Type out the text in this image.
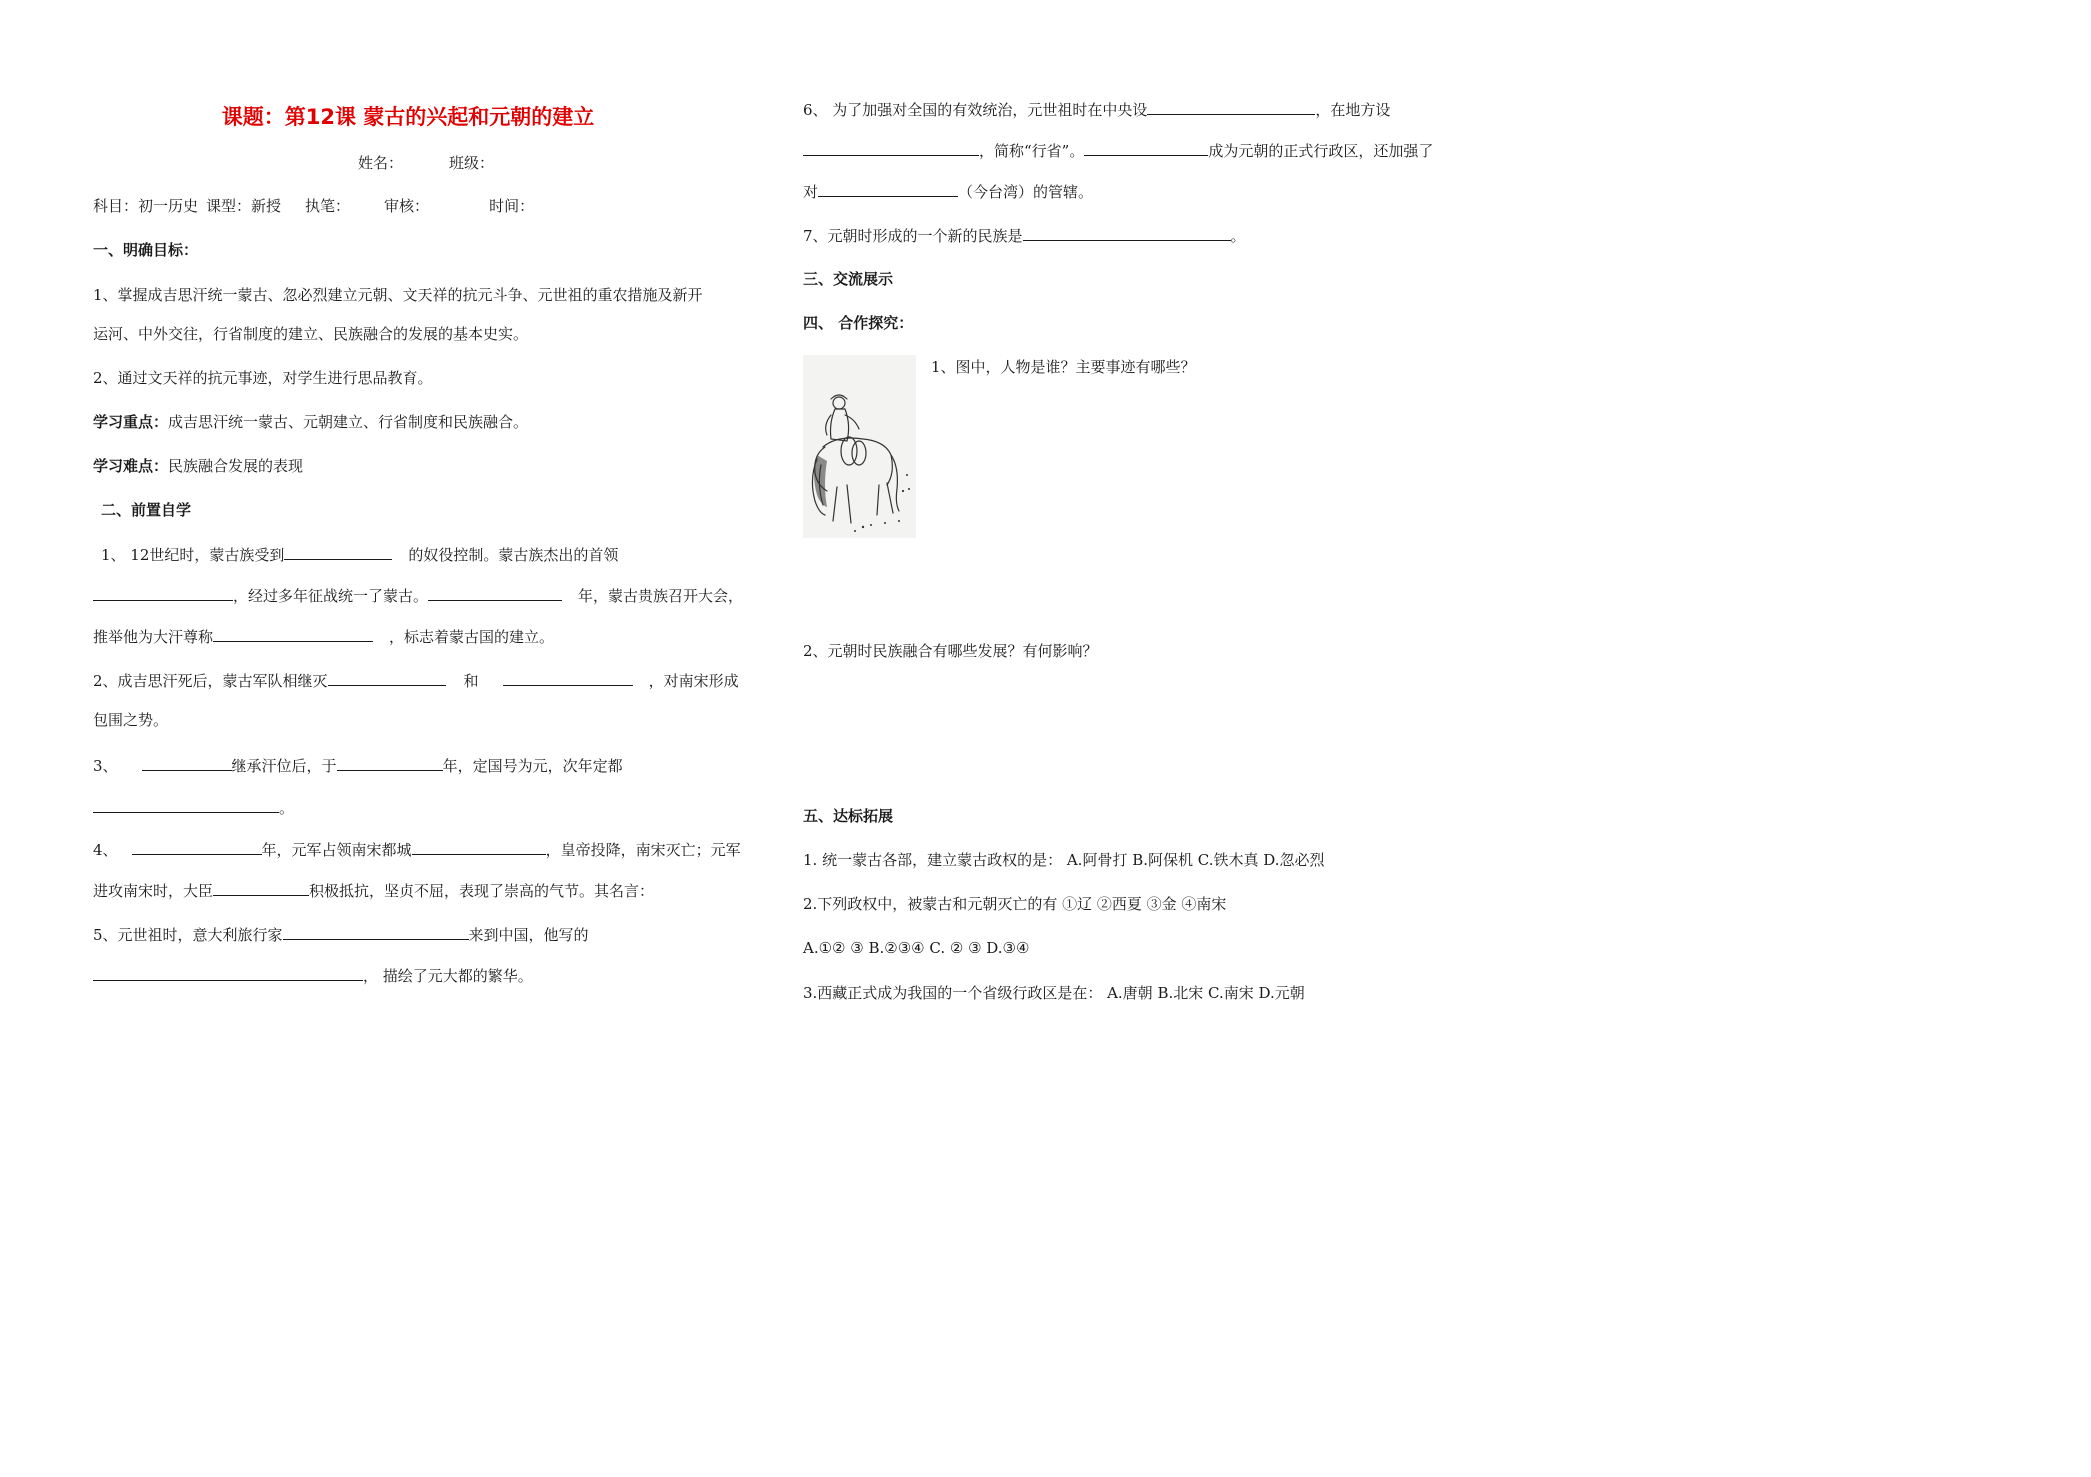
课题：第12课 蒙古的兴起和元朝的建立
姓名：	班级：
科目：初一历史 课型：新授 执笔： 审核：	时间：
一、明确目标：
1、掌握成吉思汗统一蒙古、忽必烈建立元朝、文天祥的抗元斗争、元世祖的重农措施及新开
运河、中外交往，行省制度的建立、民族融合的发展的基本史实。
2、通过文天祥的抗元事迹，对学生进行思品教育。
学习重点：成吉思汗统一蒙古、元朝建立、行省制度和民族融合。
学习难点：民族融合发展的表现
二、前置自学
1、 12世纪时，蒙古族受到	的奴役控制。蒙古族杰出的首领
，经过多年征战统一了蒙古。	年，蒙古贵族召开大会，
推举他为大汗尊称	，标志着蒙古国的建立。
2、成吉思汗死后，蒙古军队相继灭	和	，对南宋形成
包围之势。
3、	继承汗位后，于	年，定国号为元，次年定都
。
4、	年，元军占领南宋都城	，皇帝投降，南宋灭亡；元军
进攻南宋时，大臣	积极抵抗，坚贞不屈，表现了崇高的气节。其名言：
5、元世祖时，意大利旅行家	来到中国，他写的
， 描绘了元大都的繁华。
6、 为了加强对全国的有效统治，元世祖时在中央设	，在地方设
，简称“行省”。	成为元朝的正式行政区，还加强了
对	（今台湾）的管辖。
7、元朝时形成的一个新的民族是	。
三、交流展示
四、 合作探究：
1、图中，人物是谁？主要事迹有哪些？
2、元朝时民族融合有哪些发展？有何影响？
五、达标拓展
1. 统一蒙古各部，建立蒙古政权的是： A.阿骨打 B.阿保机 C.铁木真 D.忽必烈
2.下列政权中，被蒙古和元朝灭亡的有 ①辽 ②西夏 ③金 ④南宋
A.①② ③ B.②③④ C. ② ③ D.③④
3.西藏正式成为我国的一个省级行政区是在： A.唐朝 B.北宋 C.南宋 D.元朝
